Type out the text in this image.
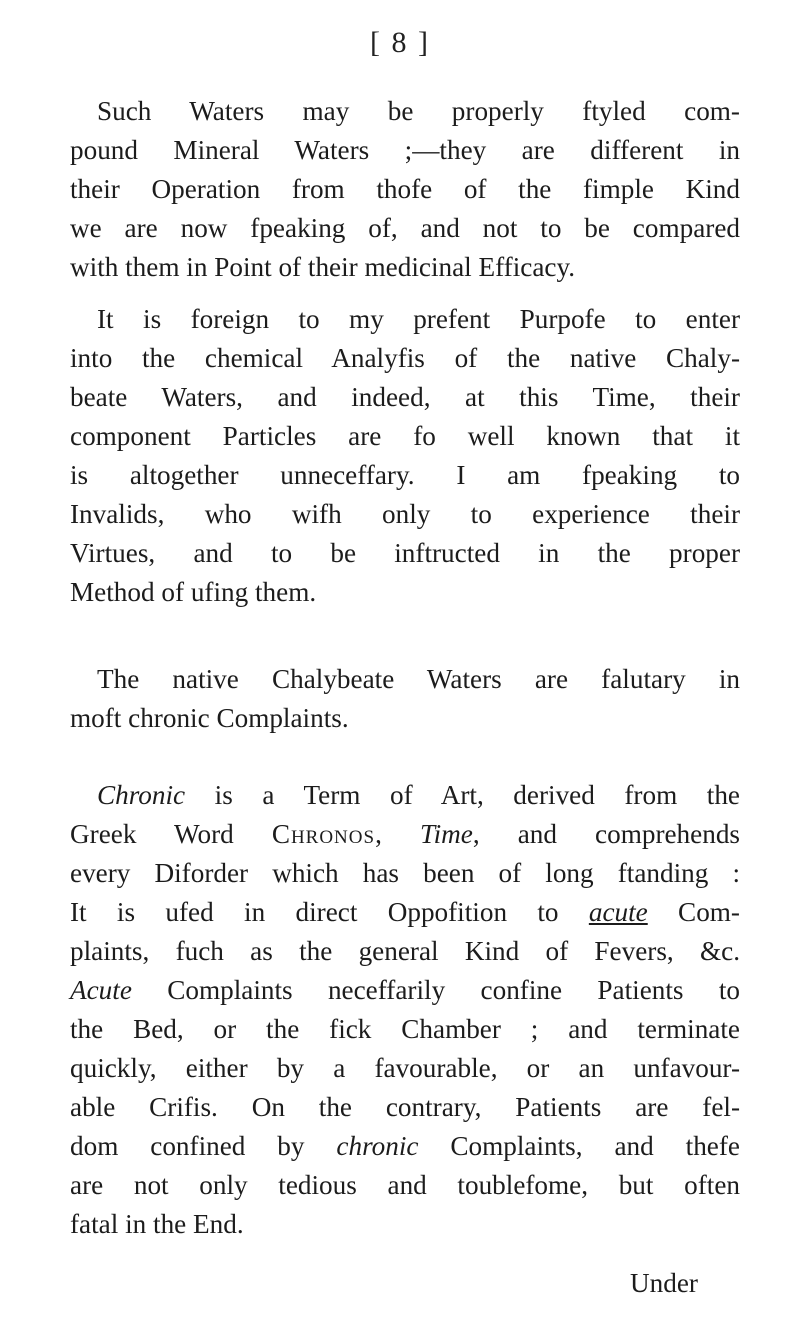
[ 8 ]
Such Waters may be properly ftyled com-
pound Mineral Waters ;—they are different in
their Operation from thofe of the fimple Kind
we are now fpeaking of, and not to be compared
with them in Point of their medicinal Efficacy.
It is foreign to my prefent Purpofe to enter
into the chemical Analyfis of the native Chaly-
beate Waters, and indeed, at this Time, their
component Particles are fo well known that it
is altogether unneceffary. I am fpeaking to
Invalids, who wifh only to experience their
Virtues, and to be inftructed in the proper
Method of ufing them.
The native Chalybeate Waters are falutary in
moft chronic Complaints.
Chronic is a Term of Art, derived from the
Greek Word Chronos, Time, and comprehends
every Diforder which has been of long ftanding :
It is ufed in direct Oppofition to acute Com-
plaints, fuch as the general Kind of Fevers, &c.
Acute Complaints neceffarily confine Patients to
the Bed, or the fick Chamber ; and terminate
quickly, either by a favourable, or an unfavour-
able Crifis. On the contrary, Patients are fel-
dom confined by chronic Complaints, and thefe
are not only tedious and toublefome, but often
fatal in the End.
Under
